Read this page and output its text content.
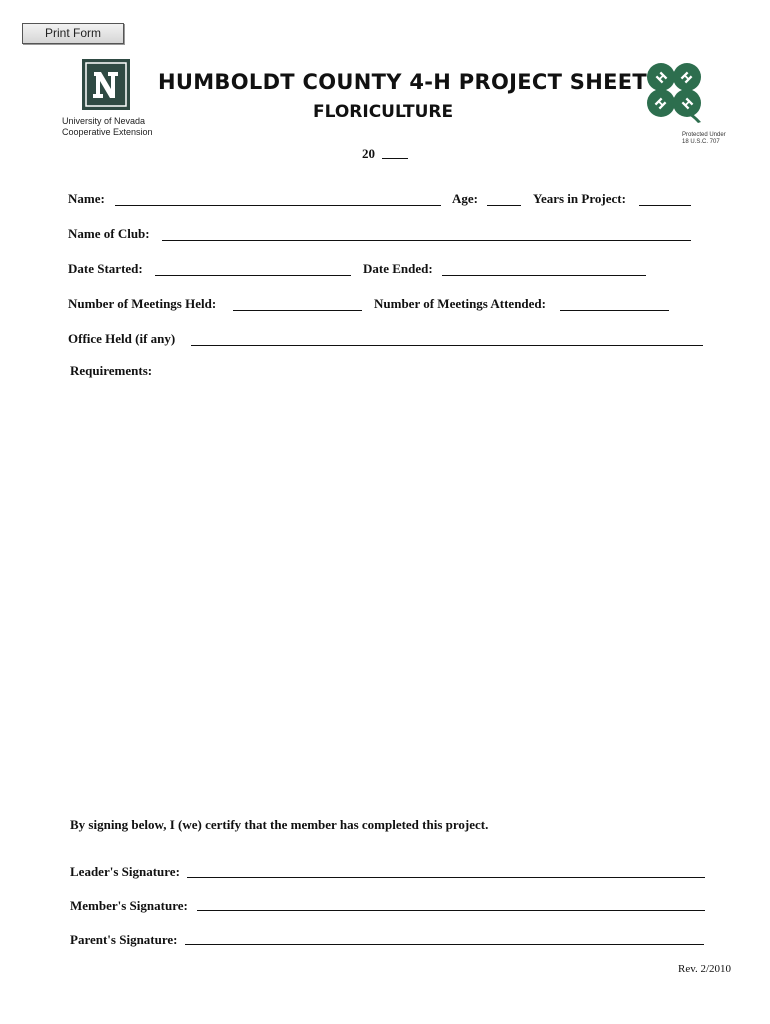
Print Form
University of Nevada
Cooperative Extension
HUMBOLDT COUNTY 4-H PROJECT SHEET
FLORICULTURE
H H
H H
Protected Under
18 U.S.C. 707
20
Name:	Age:	Years in Project:
Name of Club:
Date Started:	Date Ended:
Number of Meetings Held:	Number of Meetings Attended:
Office Held (if any)
Requirements:
By signing below, I (we) certify that the member has completed this project.
Leader's Signature:
Member's Signature:
Parent's Signature:
Rev. 2/2010
